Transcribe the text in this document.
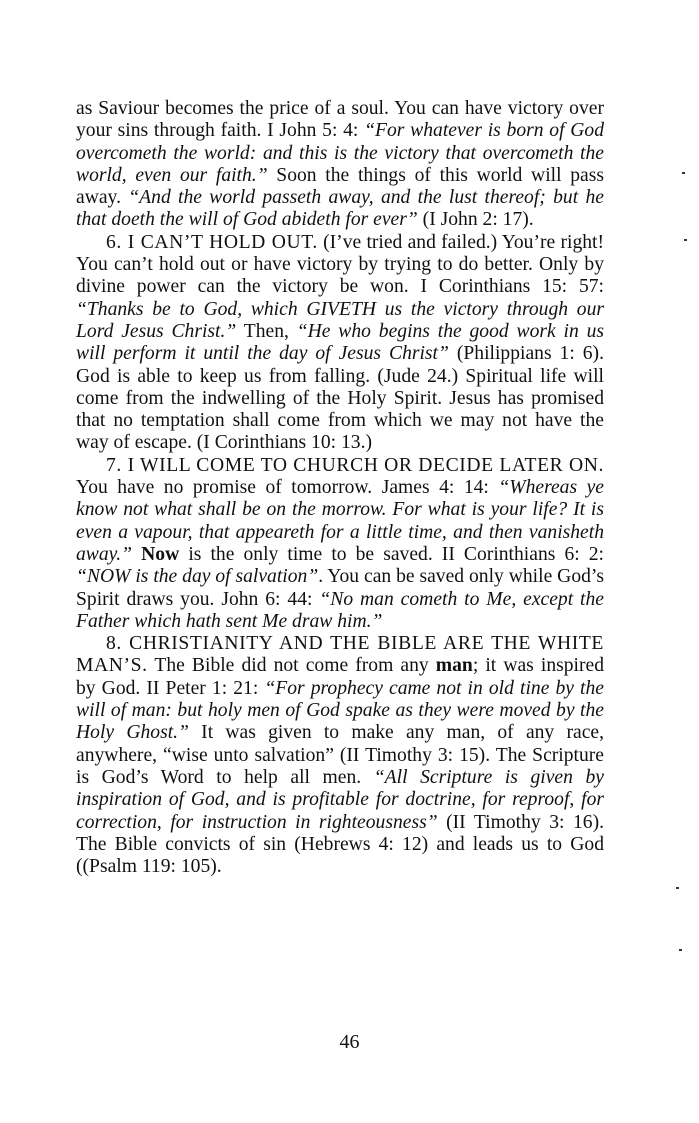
as Saviour becomes the price of a soul. You can have victory over your sins through faith. I John 5: 4: “For whatever is born of God overcometh the world: and this is the victory that overcometh the world, even our faith.” Soon the things of this world will pass away. “And the world passeth away, and the lust thereof; but he that doeth the will of God abideth for ever” (I John 2: 17).

6. I CAN’T HOLD OUT. (I’ve tried and failed.) You’re right! You can’t hold out or have victory by trying to do better. Only by divine power can the victory be won. I Corinthians 15: 57: “Thanks be to God, which GIVETH us the victory through our Lord Jesus Christ.” Then, “He who begins the good work in us will perform it until the day of Jesus Christ” (Philippians 1: 6). God is able to keep us from falling. (Jude 24.) Spiritual life will come from the indwelling of the Holy Spirit. Jesus has promised that no temptation shall come from which we may not have the way of escape. (I Corinthians 10: 13.)

7. I WILL COME TO CHURCH OR DECIDE LATER ON. You have no promise of tomorrow. James 4: 14: “Whereas ye know not what shall be on the morrow. For what is your life? It is even a vapour, that appeareth for a little time, and then vanisheth away.” Now is the only time to be saved. II Corinthians 6: 2: “NOW is the day of salvation”. You can be saved only while God’s Spirit draws you. John 6: 44: “No man cometh to Me, except the Father which hath sent Me draw him.”

8. CHRISTIANITY AND THE BIBLE ARE THE WHITE MAN’S. The Bible did not come from any man; it was inspired by God. II Peter 1: 21: “For prophecy came not in old tine by the will of man: but holy men of God spake as they were moved by the Holy Ghost.” It was given to make any man, of any race, anywhere, “wise unto salvation” (II Timothy 3: 15). The Scripture is God’s Word to help all men. “All Scripture is given by inspiration of God, and is profitable for doctrine, for reproof, for correction, for instruction in righteousness” (II Timothy 3: 16). The Bible convicts of sin (Hebrews 4: 12) and leads us to God ((Psalm 119: 105).

46
